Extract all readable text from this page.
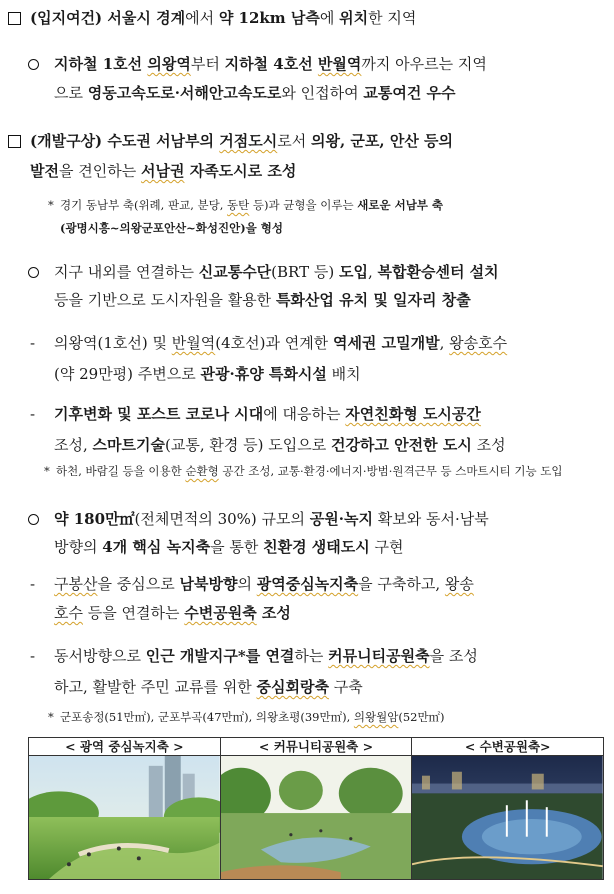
(입지여건) 서울시 경계에서 약 12km 남측에 위치한 지역
지하철 1호선 의왕역부터 지하철 4호선 반월역까지 아우르는 지역
으로 영동고속도로·서해안고속도로와 인접하여 교통여건 우수
(개발구상) 수도권 서남부의 거점도시로서 의왕, 군포, 안산 등의
발전을 견인하는 서남권 자족도시로 조성
* 경기 동남부 축(위례, 판교, 분당, 동탄 등)과 균형을 이루는 새로운 서남부 축
(광명시흥~의왕군포안산~화성진안)을 형성
지구 내외를 연결하는 신교통수단(BRT 등) 도입, 복합환승센터 설치
등을 기반으로 도시자원을 활용한 특화산업 유치 및 일자리 창출
- 의왕역(1호선) 및 반월역(4호선)과 연계한 역세권 고밀개발, 왕송호수
(약 29만평) 주변으로 관광·휴양 특화시설 배치
- 기후변화 및 포스트 코로나 시대에 대응하는 자연친화형 도시공간
조성, 스마트기술(교통, 환경 등) 도입으로 건강하고 안전한 도시 조성
* 하천, 바람길 등을 이용한 순환형 공간 조성, 교통·환경·에너지·방범·원격근무 등 스마트시티 기능 도입
약 180만㎡(전체면적의 30%) 규모의 공원·녹지 확보와 동서·남북
방향의 4개 핵심 녹지축을 통한 친환경 생태도시 구현
- 구봉산을 중심으로 남북방향의 광역중심녹지축을 구축하고, 왕송
호수 등을 연결하는 수변공원축 조성
- 동서방향으로 인근 개발지구*를 연결하는 커뮤니티공원축을 조성
하고, 활발한 주민 교류를 위한 중심회랑축 구축
* 군포송정(51만㎡), 군포부곡(47만㎡), 의왕초평(39만㎡), 의왕월암(52만㎡)
< 광역 중심녹지축 >	< 커뮤니티공원축 >	< 수변공원축>
